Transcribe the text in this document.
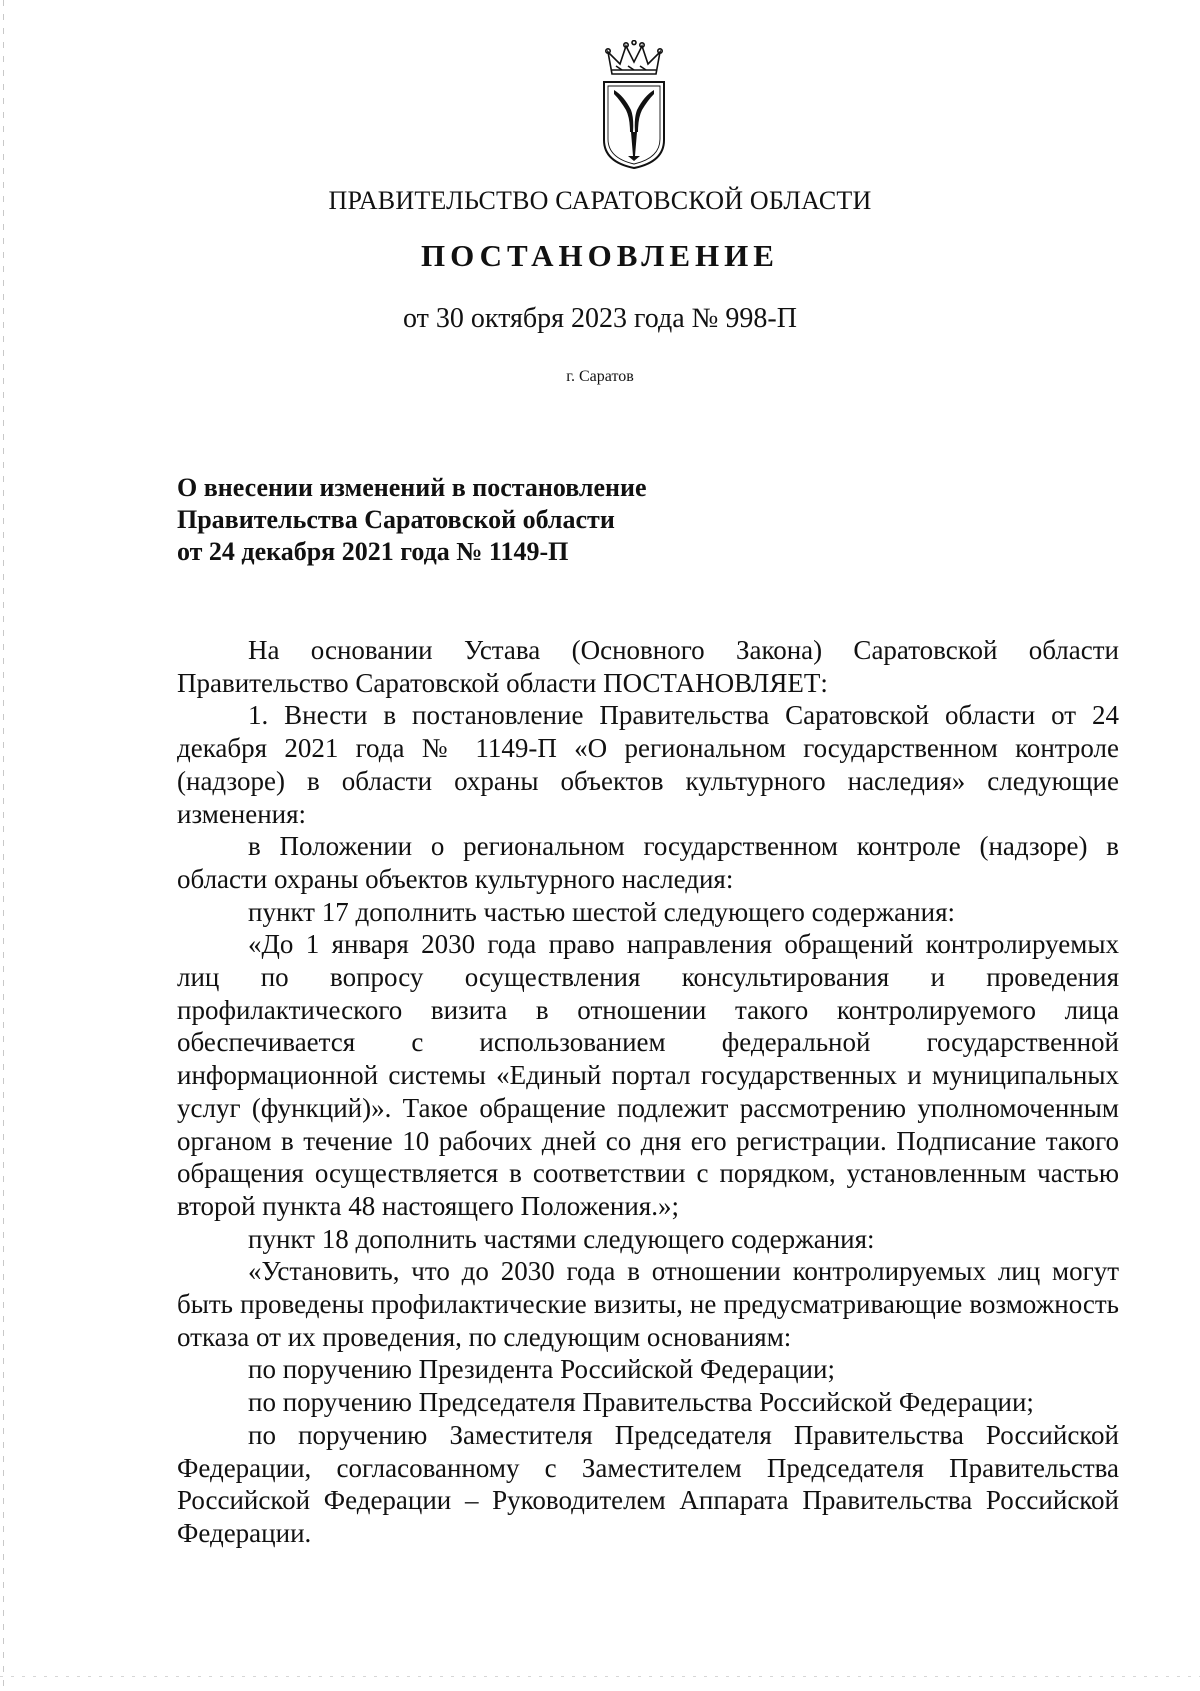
ПРАВИТЕЛЬСТВО САРАТОВСКОЙ ОБЛАСТИ
ПОСТАНОВЛЕНИЕ
от 30 октября 2023 года № 998-П
г. Саратов
О внесении изменений в постановление
Правительства Саратовской области
от 24 декабря 2021 года № 1149-П

На основании Устава (Основного Закона) Саратовской области Правительство Саратовской области ПОСТАНОВЛЯЕТ:

1. Внести в постановление Правительства Саратовской области от 24 декабря 2021 года № 1149-П «О региональном государственном контроле (надзоре) в области охраны объектов культурного наследия» следующие изменения:

в Положении о региональном государственном контроле (надзоре) в области охраны объектов культурного наследия:

пункт 17 дополнить частью шестой следующего содержания:

«До 1 января 2030 года право направления обращений контролируемых лиц по вопросу осуществления консультирования и проведения профилактического визита в отношении такого контролируемого лица обеспечивается с использованием федеральной государственной информационной системы «Единый портал государственных и муниципальных услуг (функций)». Такое обращение подлежит рассмотрению уполномоченным органом в течение 10 рабочих дней со дня его регистрации. Подписание такого обращения осуществляется в соответствии с порядком, установленным частью второй пункта 48 настоящего Положения.»;

пункт 18 дополнить частями следующего содержания:

«Установить, что до 2030 года в отношении контролируемых лиц могут быть проведены профилактические визиты, не предусматривающие возможность отказа от их проведения, по следующим основаниям:

по поручению Президента Российской Федерации;

по поручению Председателя Правительства Российской Федерации;

по поручению Заместителя Председателя Правительства Российской Федерации, согласованному с Заместителем Председателя Правительства Российской Федерации – Руководителем Аппарата Правительства Российской Федерации.
